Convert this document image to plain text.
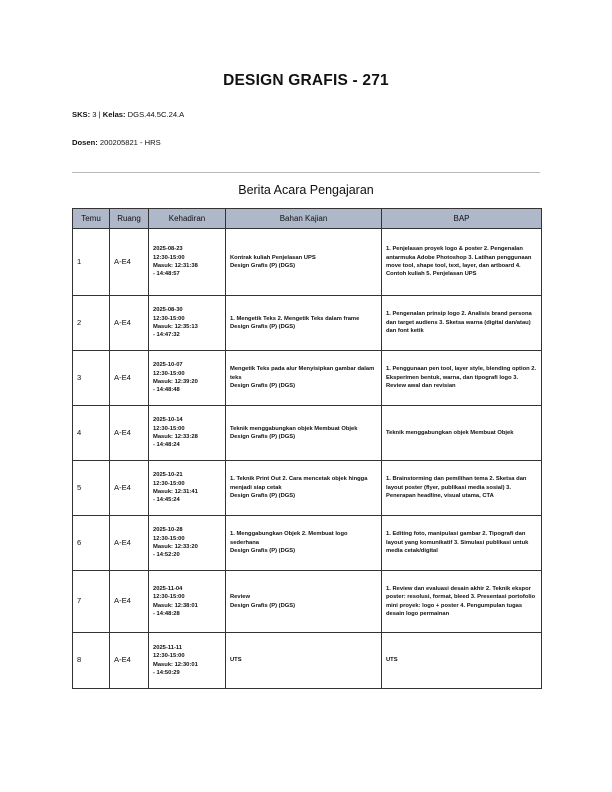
DESIGN GRAFIS - 271
SKS: 3 | Kelas: DGS.44.5C.24.A
Dosen: 200205821 - HRS
Berita Acara Pengajaran
Temu	Ruang	Kehadiran	Bahan Kajian	BAP
1	A-E4	2025-08-23
12:30-15:00
Masuk: 12:31:38
- 14:48:57	Kontrak kuliah Penjelasan UPS
Design Grafis (P) (DGS)	1. Penjelasan proyek logo & poster 2. Pengenalan antarmuka Adobe Photoshop 3. Latihan penggunaan move tool, shape tool, text, layer, dan artboard 4. Contoh kuliah 5. Penjelasan UPS
2	A-E4	2025-08-30
12:30-15:00
Masuk: 12:35:13
- 14:47:32	1. Mengetik Teks 2. Mengetik Teks dalam frame
Design Grafis (P) (DGS)	1. Pengenalan prinsip logo 2. Analisis brand persona dan target audiens 3. Sketsa warna (digital dan/atau) dan font ketik
3	A-E4	2025-10-07
12:30-15:00
Masuk: 12:39:20
- 14:48:48	Mengetik Teks pada alur Menyisipkan gambar dalam teks
Design Grafis (P) (DGS)	1. Penggunaan pen tool, layer style, blending option 2. Eksperimen bentuk, warna, dan tipografi logo 3. Review awal dan revisian
4	A-E4	2025-10-14
12:30-15:00
Masuk: 12:33:28
- 14:48:24	Teknik menggabungkan objek Membuat Objek
Design Grafis (P) (DGS)	Teknik menggabungkan objek Membuat Objek
5	A-E4	2025-10-21
12:30-15:00
Masuk: 12:31:41
- 14:45:24	1. Teknik Print Out 2. Cara mencetak objek hingga menjadi siap cetak
Design Grafis (P) (DGS)	1. Brainstorming dan pemilihan tema 2. Sketsa dan layout poster (flyer, publikasi media sosial) 3. Penerapan headline, visual utama, CTA
6	A-E4	2025-10-28
12:30-15:00
Masuk: 12:33:20
- 14:52:20	1. Menggabungkan Objek 2. Membuat logo sederhana
Design Grafis (P) (DGS)	1. Editing foto, manipulasi gambar 2. Tipografi dan layout yang komunikatif 3. Simulasi publikasi untuk media cetak/digital
7	A-E4	2025-11-04
12:30-15:00
Masuk: 12:38:01
- 14:48:28	Review
Design Grafis (P) (DGS)	1. Review dan evaluasi desain akhir 2. Teknik ekspor poster: resolusi, format, bleed 3. Presentasi portofolio mini proyek: logo + poster 4. Pengumpulan tugas desain logo permainan
8	A-E4	2025-11-11
12:30-15:00
Masuk: 12:30:01
- 14:50:29	UTS	UTS
